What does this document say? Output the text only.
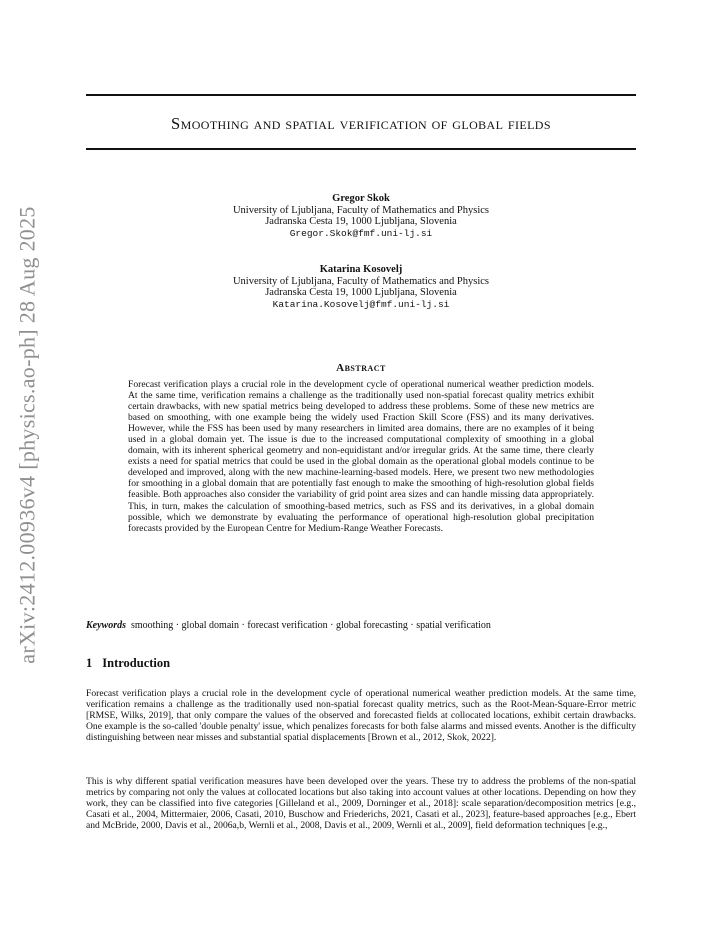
arXiv:2412.00936v4 [physics.ao-ph] 28 Aug 2025
Smoothing and spatial verification of global fields
Gregor Skok
University of Ljubljana, Faculty of Mathematics and Physics
Jadranska Cesta 19, 1000 Ljubljana, Slovenia
Gregor.Skok@fmf.uni-lj.si
Katarina Kosovelj
University of Ljubljana, Faculty of Mathematics and Physics
Jadranska Cesta 19, 1000 Ljubljana, Slovenia
Katarina.Kosovelj@fmf.uni-lj.si
Abstract

Forecast verification plays a crucial role in the development cycle of operational numerical weather prediction models. At the same time, verification remains a challenge as the traditionally used non-spatial forecast quality metrics exhibit certain drawbacks, with new spatial metrics being developed to address these problems. Some of these new metrics are based on smoothing, with one example being the widely used Fraction Skill Score (FSS) and its many derivatives. However, while the FSS has been used by many researchers in limited area domains, there are no examples of it being used in a global domain yet. The issue is due to the increased computational complexity of smoothing in a global domain, with its inherent spherical geometry and non-equidistant and/or irregular grids. At the same time, there clearly exists a need for spatial metrics that could be used in the global domain as the operational global models continue to be developed and improved, along with the new machine-learning-based models. Here, we present two new methodologies for smoothing in a global domain that are potentially fast enough to make the smoothing of high-resolution global fields feasible. Both approaches also consider the variability of grid point area sizes and can handle missing data appropriately. This, in turn, makes the calculation of smoothing-based metrics, such as FSS and its derivatives, in a global domain possible, which we demonstrate by evaluating the performance of operational high-resolution global precipitation forecasts provided by the European Centre for Medium-Range Weather Forecasts.

Keywords smoothing · global domain · forecast verification · global forecasting · spatial verification
1 Introduction

Forecast verification plays a crucial role in the development cycle of operational numerical weather prediction models. At the same time, verification remains a challenge as the traditionally used non-spatial forecast quality metrics, such as the Root-Mean-Square-Error metric [RMSE, Wilks, 2019], that only compare the values of the observed and forecasted fields at collocated locations, exhibit certain drawbacks. One example is the so-called 'double penalty' issue, which penalizes forecasts for both false alarms and missed events. Another is the difficulty distinguishing between near misses and substantial spatial displacements [Brown et al., 2012, Skok, 2022].

This is why different spatial verification measures have been developed over the years. These try to address the problems of the non-spatial metrics by comparing not only the values at collocated locations but also taking into account values at other locations. Depending on how they work, they can be classified into five categories [Gilleland et al., 2009, Dorninger et al., 2018]: scale separation/decomposition metrics [e.g., Casati et al., 2004, Mittermaier, 2006, Casati, 2010, Buschow and Friederichs, 2021, Casati et al., 2023], feature-based approaches [e.g., Ebert and McBride, 2000, Davis et al., 2006a,b, Wernli et al., 2008, Davis et al., 2009, Wernli et al., 2009], field deformation techniques [e.g.,
